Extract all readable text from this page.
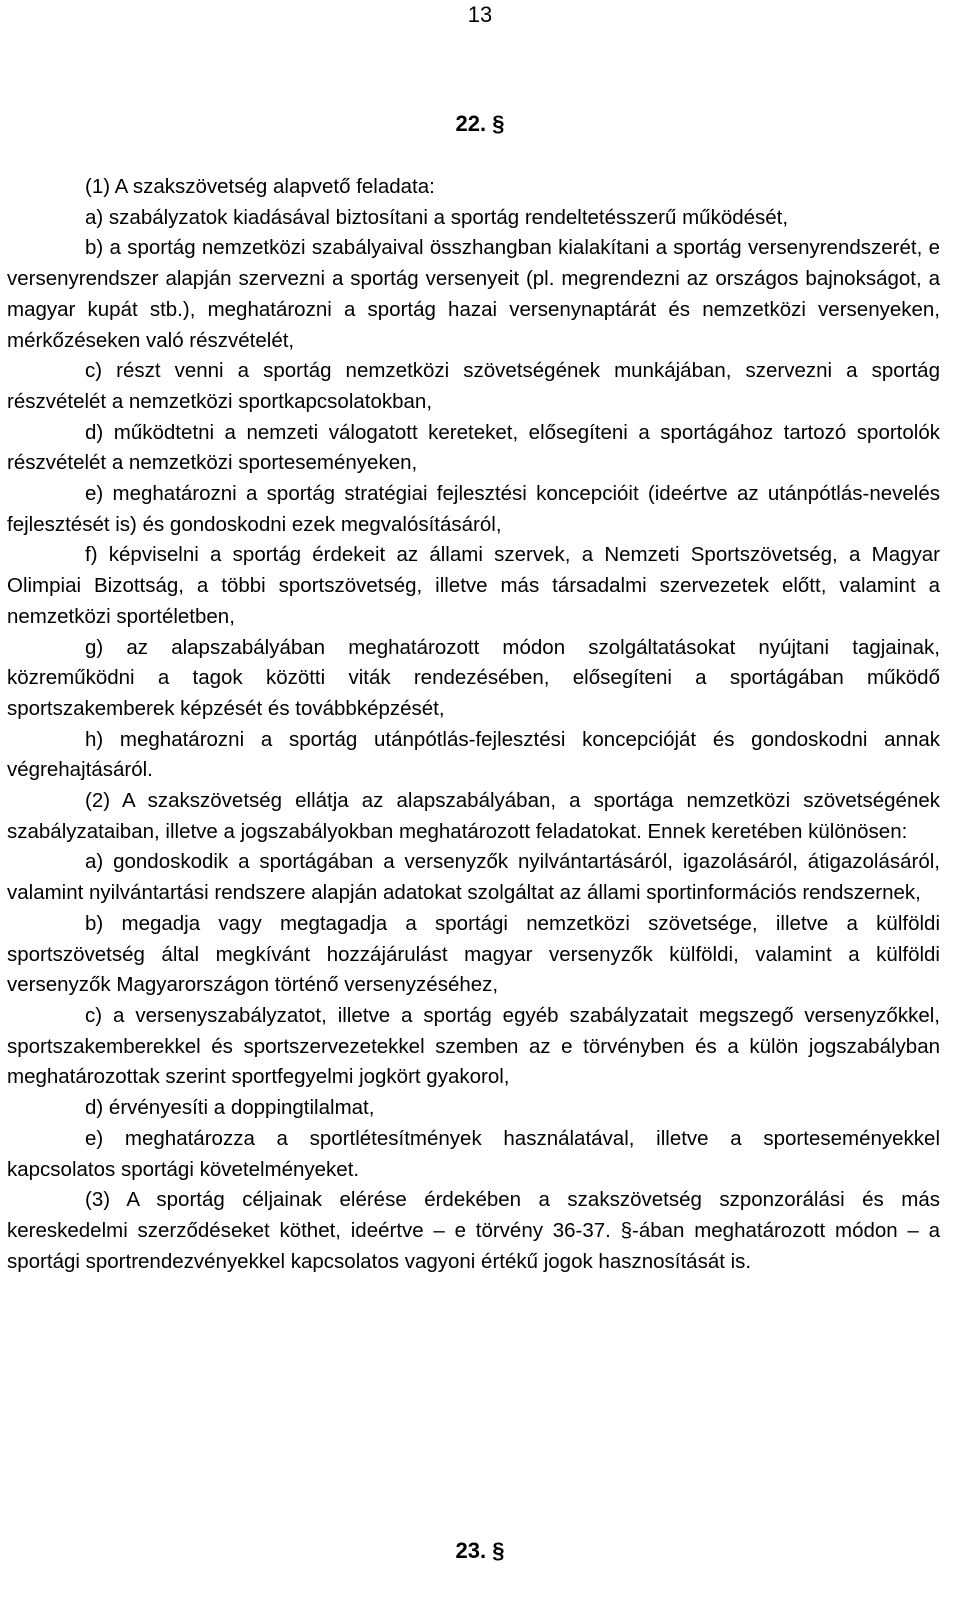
13
22. §

(1) A szakszövetség alapvető feladata:

a) szabályzatok kiadásával biztosítani a sportág rendeltetésszerű működését,

b) a sportág nemzetközi szabályaival összhangban kialakítani a sportág versenyrendszerét, e versenyrendszer alapján szervezni a sportág versenyeit (pl. megrendezni az országos bajnokságot, a magyar kupát stb.), meghatározni a sportág hazai versenynaptárát és nemzetközi versenyeken, mérkőzéseken való részvételét,

c) részt venni a sportág nemzetközi szövetségének munkájában, szervezni a sportág részvételét a nemzetközi sportkapcsolatokban,

d) működtetni a nemzeti válogatott kereteket, elősegíteni a sportágához tartozó sportolók részvételét a nemzetközi sporteseményeken,

e) meghatározni a sportág stratégiai fejlesztési koncepcióit (ideértve az utánpótlás-nevelés fejlesztését is) és gondoskodni ezek megvalósításáról,

f) képviselni a sportág érdekeit az állami szervek, a Nemzeti Sportszövetség, a Magyar Olimpiai Bizottság, a többi sportszövetség, illetve más társadalmi szervezetek előtt, valamint a nemzetközi sportéletben,

g) az alapszabályában meghatározott módon szolgáltatásokat nyújtani tagjainak, közreműködni a tagok közötti viták rendezésében, elősegíteni a sportágában működő sportszakemberek képzését és továbbképzését,

h) meghatározni a sportág utánpótlás-fejlesztési koncepcióját és gondoskodni annak végrehajtásáról.

(2) A szakszövetség ellátja az alapszabályában, a sportága nemzetközi szövetségének szabályzataiban, illetve a jogszabályokban meghatározott feladatokat. Ennek keretében különösen:

a) gondoskodik a sportágában a versenyzők nyilvántartásáról, igazolásáról, átigazolásáról, valamint nyilvántartási rendszere alapján adatokat szolgáltat az állami sportinformációs rendszernek,

b) megadja vagy megtagadja a sportági nemzetközi szövetsége, illetve a külföldi sportszövetség által megkívánt hozzájárulást magyar versenyzők külföldi, valamint a külföldi versenyzők Magyarországon történő versenyzéséhez,

c) a versenyszabályzatot, illetve a sportág egyéb szabályzatait megszegő versenyzőkkel, sportszakemberekkel és sportszervezetekkel szemben az e törvényben és a külön jogszabályban meghatározottak szerint sportfegyelmi jogkört gyakorol,

d) érvényesíti a doppingtilalmat,

e) meghatározza a sportlétesítmények használatával, illetve a sporteseményekkel kapcsolatos sportági követelményeket.

(3) A sportág céljainak elérése érdekében a szakszövetség szponzorálási és más kereskedelmi szerződéseket köthet, ideértve – e törvény 36-37. §-ában meghatározott módon – a sportági sportrendezvényekkel kapcsolatos vagyoni értékű jogok hasznosítását is.

23. §
